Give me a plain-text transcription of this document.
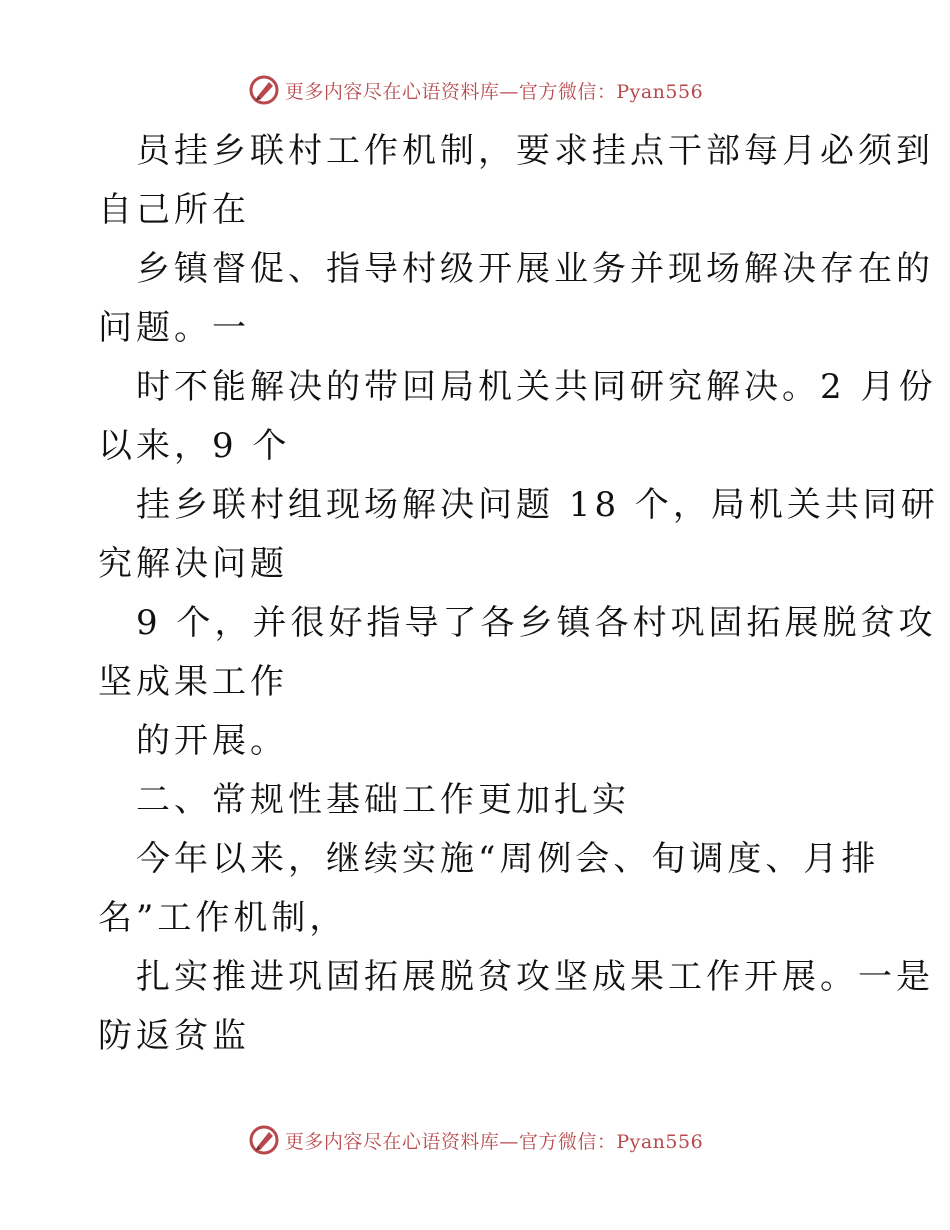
更多内容尽在心语资料库—官方微信：Pyan556
员挂乡联村工作机制，要求挂点干部每月必须到
自己所在
乡镇督促、指导村级开展业务并现场解决存在的
问题。一
时不能解决的带回局机关共同研究解决。2 月份
以来，9 个
挂乡联村组现场解决问题 18 个，局机关共同研
究解决问题
9 个，并很好指导了各乡镇各村巩固拓展脱贫攻
坚成果工作
的开展。
二、常规性基础工作更加扎实
今年以来，继续实施“周例会、旬调度、月排
名”工作机制，
扎实推进巩固拓展脱贫攻坚成果工作开展。一是
防返贫监
更多内容尽在心语资料库—官方微信：Pyan556
